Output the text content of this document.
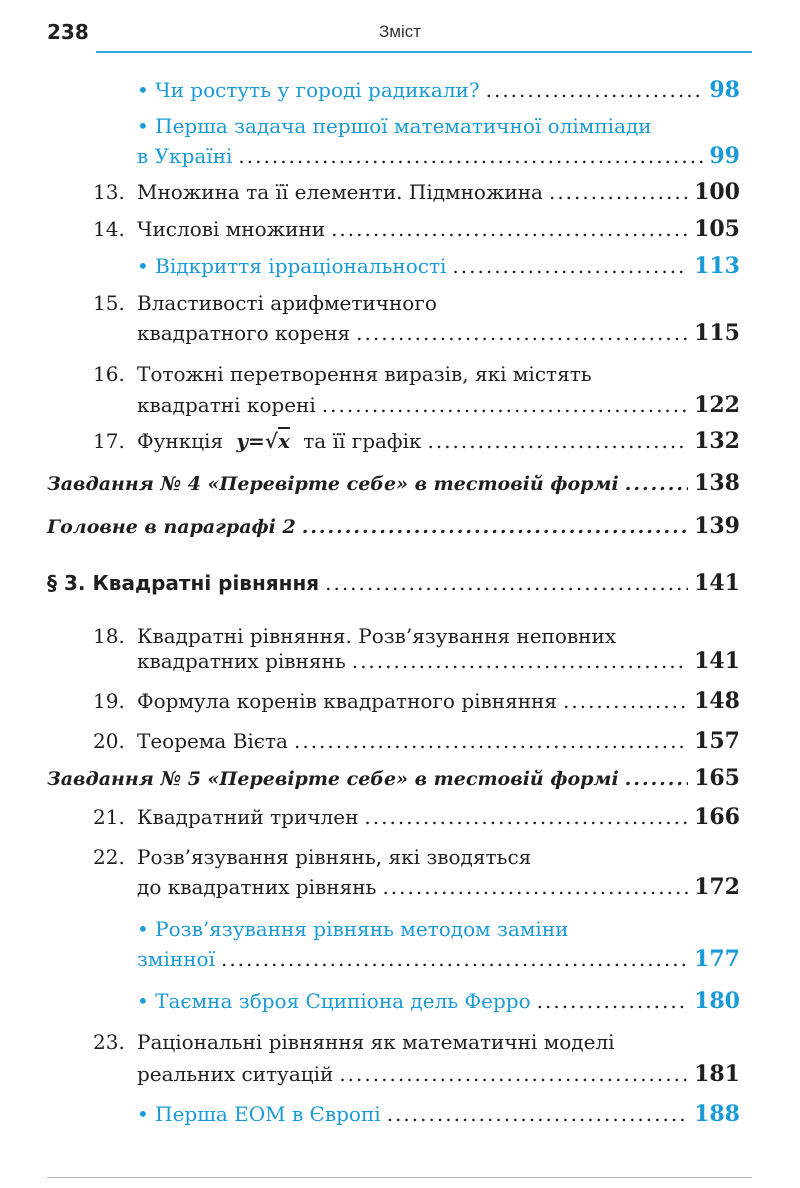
238	Зміст
• Чи ростуть у городі радикали? .....	98
• Перша задача першої математичної олімпіади
в Україні .....	99
13. Множина та її елементи. Підмножина .....	100
14. Числові множини .....	105
• Відкриття ірраціональності .....	113
15. Властивості арифметичного
квадратного кореня .....	115
16. Тотожні перетворення виразів, які містять
квадратні корені .....	122
17. Функція y=√x та її графік .....	132
Завдання № 4 «Перевірте себе» в тестовій формі .....	138
Головне в параграфі 2 .....	139
§ 3. Квадратні рівняння .....	141
18. Квадратні рівняння. Розв’язування неповних
квадратних рівнянь .....	141
19. Формула коренів квадратного рівняння .....	148
20. Теорема Вієта .....	157
Завдання № 5 «Перевірте себе» в тестовій формі .....	165
21. Квадратний тричлен .....	166
22. Розв’язування рівнянь, які зводяться
до квадратних рівнянь .....	172
• Розв’язування рівнянь методом заміни
змінної .....	177
• Таємна зброя Сципіона дель Ферро .....	180
23. Раціональні рівняння як математичні моделі
реальних ситуацій .....	181
• Перша ЕОМ в Європі .....	188
